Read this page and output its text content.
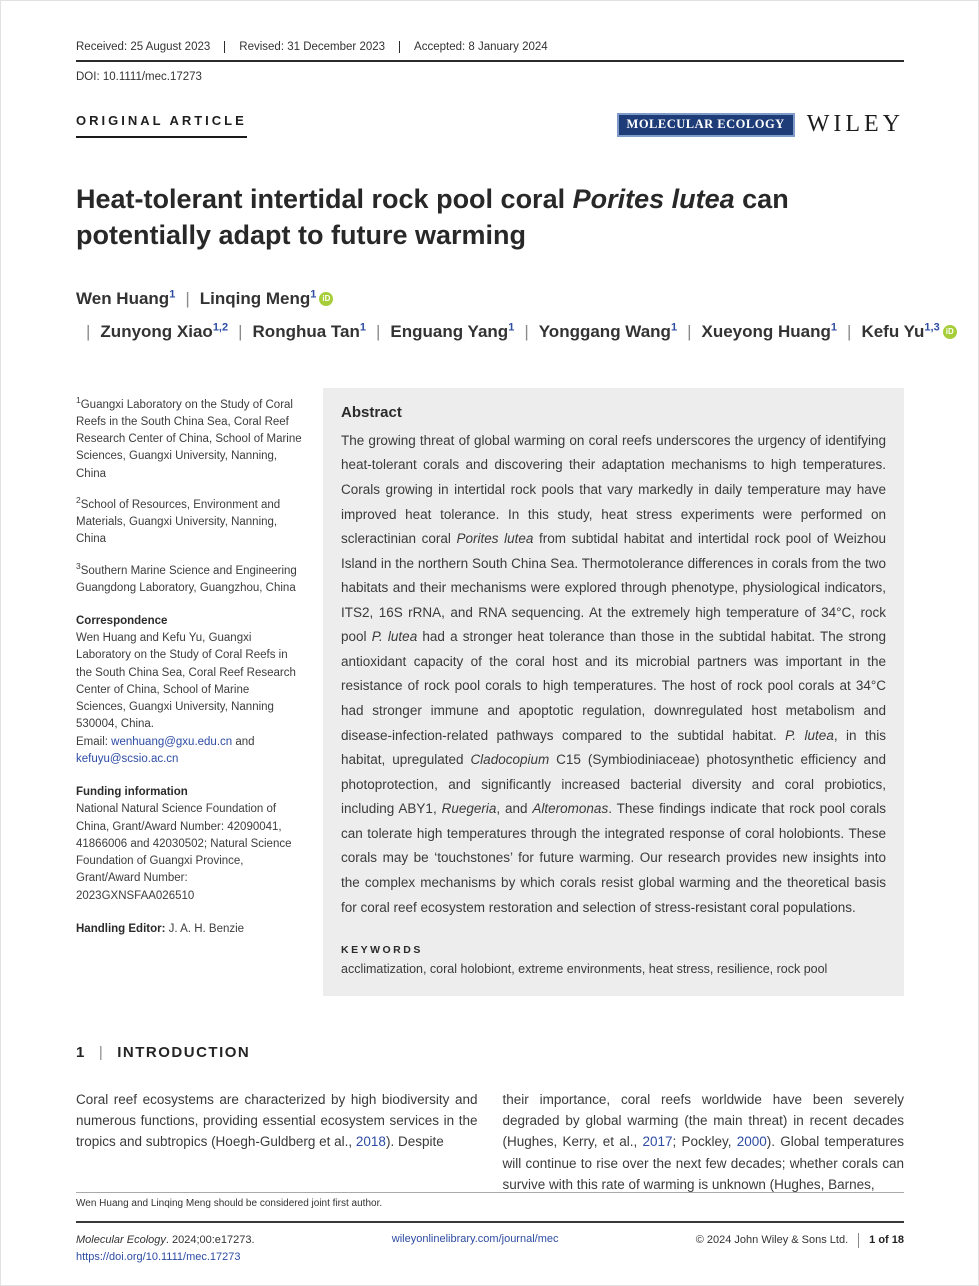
Received: 25 August 2023	Revised: 31 December 2023	Accepted: 8 January 2024
DOI: 10.1111/mec.17273
ORIGINAL ARTICLE	MOLECULAR ECOLOGY WILEY
Heat-tolerant intertidal rock pool coral Porites lutea can potentially adapt to future warming
Wen Huang$^1$ | Linqing Meng$^1$ iD| Zunyong Xiao$^{1,2}$ | Ronghua Tan$^1$ | Enguang Yang$^1$ | Yonggang Wang$^1$ | Xueyong Huang$^1$ | Kefu Yu$^{1,3}$ iD

$^1$Guangxi Laboratory on the Study of Coral Reefs in the South China Sea, Coral Reef Research Center of China, School of Marine Sciences, Guangxi University, Nanning, China

$^2$School of Resources, Environment and Materials, Guangxi University, Nanning, China

$^3$Southern Marine Science and Engineering Guangdong Laboratory, Guangzhou, China

Correspondence
Wen Huang and Kefu Yu, Guangxi Laboratory on the Study of Coral Reefs in the South China Sea, Coral Reef Research Center of China, School of Marine Sciences, Guangxi University, Nanning 530004, China.
Email: wenhuang@gxu.edu.cn and kefuyu@scsio.ac.cn
Funding information
National Natural Science Foundation of China, Grant/Award Number: 42090041, 41866006 and 42030502; Natural Science Foundation of Guangxi Province, Grant/Award Number: 2023GXNSFAA026510
Handling Editor: J. A. H. Benzie
Abstract
The growing threat of global warming on coral reefs underscores the urgency of identifying heat-tolerant corals and discovering their adaptation mechanisms to high temperatures. Corals growing in intertidal rock pools that vary markedly in daily temperature may have improved heat tolerance. In this study, heat stress experiments were performed on scleractinian coral Porites lutea from subtidal habitat and intertidal rock pool of Weizhou Island in the northern South China Sea. Thermotolerance differences in corals from the two habitats and their mechanisms were explored through phenotype, physiological indicators, ITS2, 16S rRNA, and RNA sequencing. At the extremely high temperature of 34°C, rock pool P. lutea had a stronger heat tolerance than those in the subtidal habitat. The strong antioxidant capacity of the coral host and its microbial partners was important in the resistance of rock pool corals to high temperatures. The host of rock pool corals at 34°C had stronger immune and apoptotic regulation, downregulated host metabolism and disease-infection-related pathways compared to the subtidal habitat. P. lutea, in this habitat, upregulated Cladocopium C15 (Symbiodiniaceae) photosynthetic efficiency and photoprotection, and significantly increased bacterial diversity and coral probiotics, including ABY1, Ruegeria, and Alteromonas. These findings indicate that rock pool corals can tolerate high temperatures through the integrated response of coral holobionts. These corals may be ‘touchstones’ for future warming. Our research provides new insights into the complex mechanisms by which corals resist global warming and the theoretical basis for coral reef ecosystem restoration and selection of stress-resistant coral populations.
KEYWORDS
acclimatization, coral holobiont, extreme environments, heat stress, resilience, rock pool
1 | INTRODUCTION
Coral reef ecosystems are characterized by high biodiversity and numerous functions, providing essential ecosystem services in the tropics and subtropics (Hoegh-Guldberg et al., 2018). Despite
their importance, coral reefs worldwide have been severely degraded by global warming (the main threat) in recent decades (Hughes, Kerry, et al., 2017; Pockley, 2000). Global temperatures will continue to rise over the next few decades; whether corals can survive with this rate of warming is unknown (Hughes, Barnes,
Wen Huang and Linqing Meng should be considered joint first author.
Molecular Ecology. 2024;00:e17273.
https://doi.org/10.1111/mec.17273
wileyonlinelibrary.com/journal/mec	© 2024 John Wiley & Sons Ltd. 1 of 18
